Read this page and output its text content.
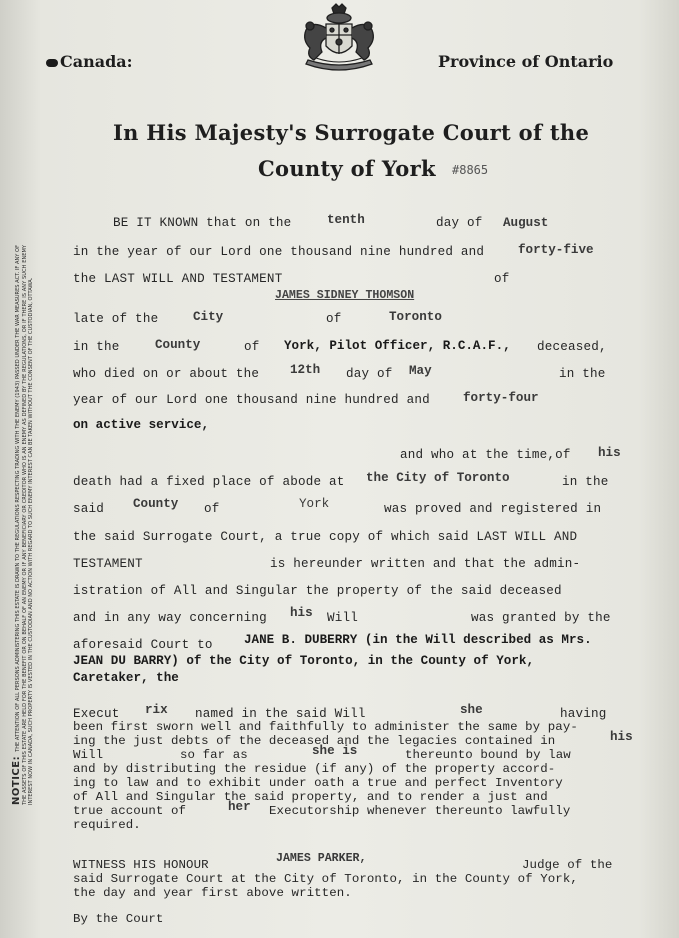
Canada:	Province of Ontario
In His Majesty's Surrogate Court of the
County of York #8865
NOTICE:THE ATTENTION OF ALL PERSONS ADMINISTERING THIS ESTATE IS DRAWN TO THE REGULATIONS RESPECTING TRADING WITH THE ENEMY (1943) PASSED UNDER THE WAR MEASURES ACT. IF ANY OF THE ASSETS OF THIS ESTATE ARE HELD FOR THE BENEFIT OR ON BEHALF OF AN ENEMY OR IF ANY BENEFICIARY OR CREDITOR WHO IS AN ENEMY AS DEFINED BY THE REGULATIONS, OR IF THERE IS ANY SUCH ENEMY INTEREST NOW IN CANADA, SUCH PROPERTY IS VESTED IN THE CUSTODIAN AND NO ACTION WITH REGARD TO SUCH ENEMY INTEREST CAN BE TAKEN WITHOUT THE CONSENT OF THE CUSTODIAN, OTTAWA.
BE IT KNOWN that on the	tenth	day of August
in the year of our Lord one thousand nine hundred and	forty-five
the LAST WILL AND TESTAMENT	of
JAMES SIDNEY THOMSON
late of the	City	of	Toronto
in the	County	of York, Pilot Officer, R.C.A.F., deceased,
who died on or about the 12th day of May	in the
year of our Lord one thousand nine hundred and	forty-four
on active service,
and who at the time,of his
death had a fixed place of abode at the City of Toronto	in the
said County of	York	was proved and registered in
the said Surrogate Court, a true copy of which said LAST WILL AND
TESTAMENT	is hereunder written and that the admin-
istration of All and Singular the property of the said deceased
and in any way concerning his Will	was granted by the
aforesaid Court to JANE B. DUBERRY (in the Will described as Mrs.
JEAN DU BARRY) of the City of Toronto, in the County of York,
Caretaker, the
Execut rix named in the said Will	she	having
been first sworn well and faithfully to administer the same by pay-
ing the just debts of the deceased and the legacies contained in	his
Will	so far as	she is	thereunto bound by law
and by distributing the residue (if any) of the property accord-
ing to law and to exhibit under oath a true and perfect Inventory
of All and Singular the said property, and to render a just and
true account of	her Executorship whenever thereunto lawfully
required.
WITNESS HIS HONOUR	JAMES PARKER,	Judge of the
said Surrogate Court at the City of Toronto, in the County of York,
the day and year first above written.
By the Court
